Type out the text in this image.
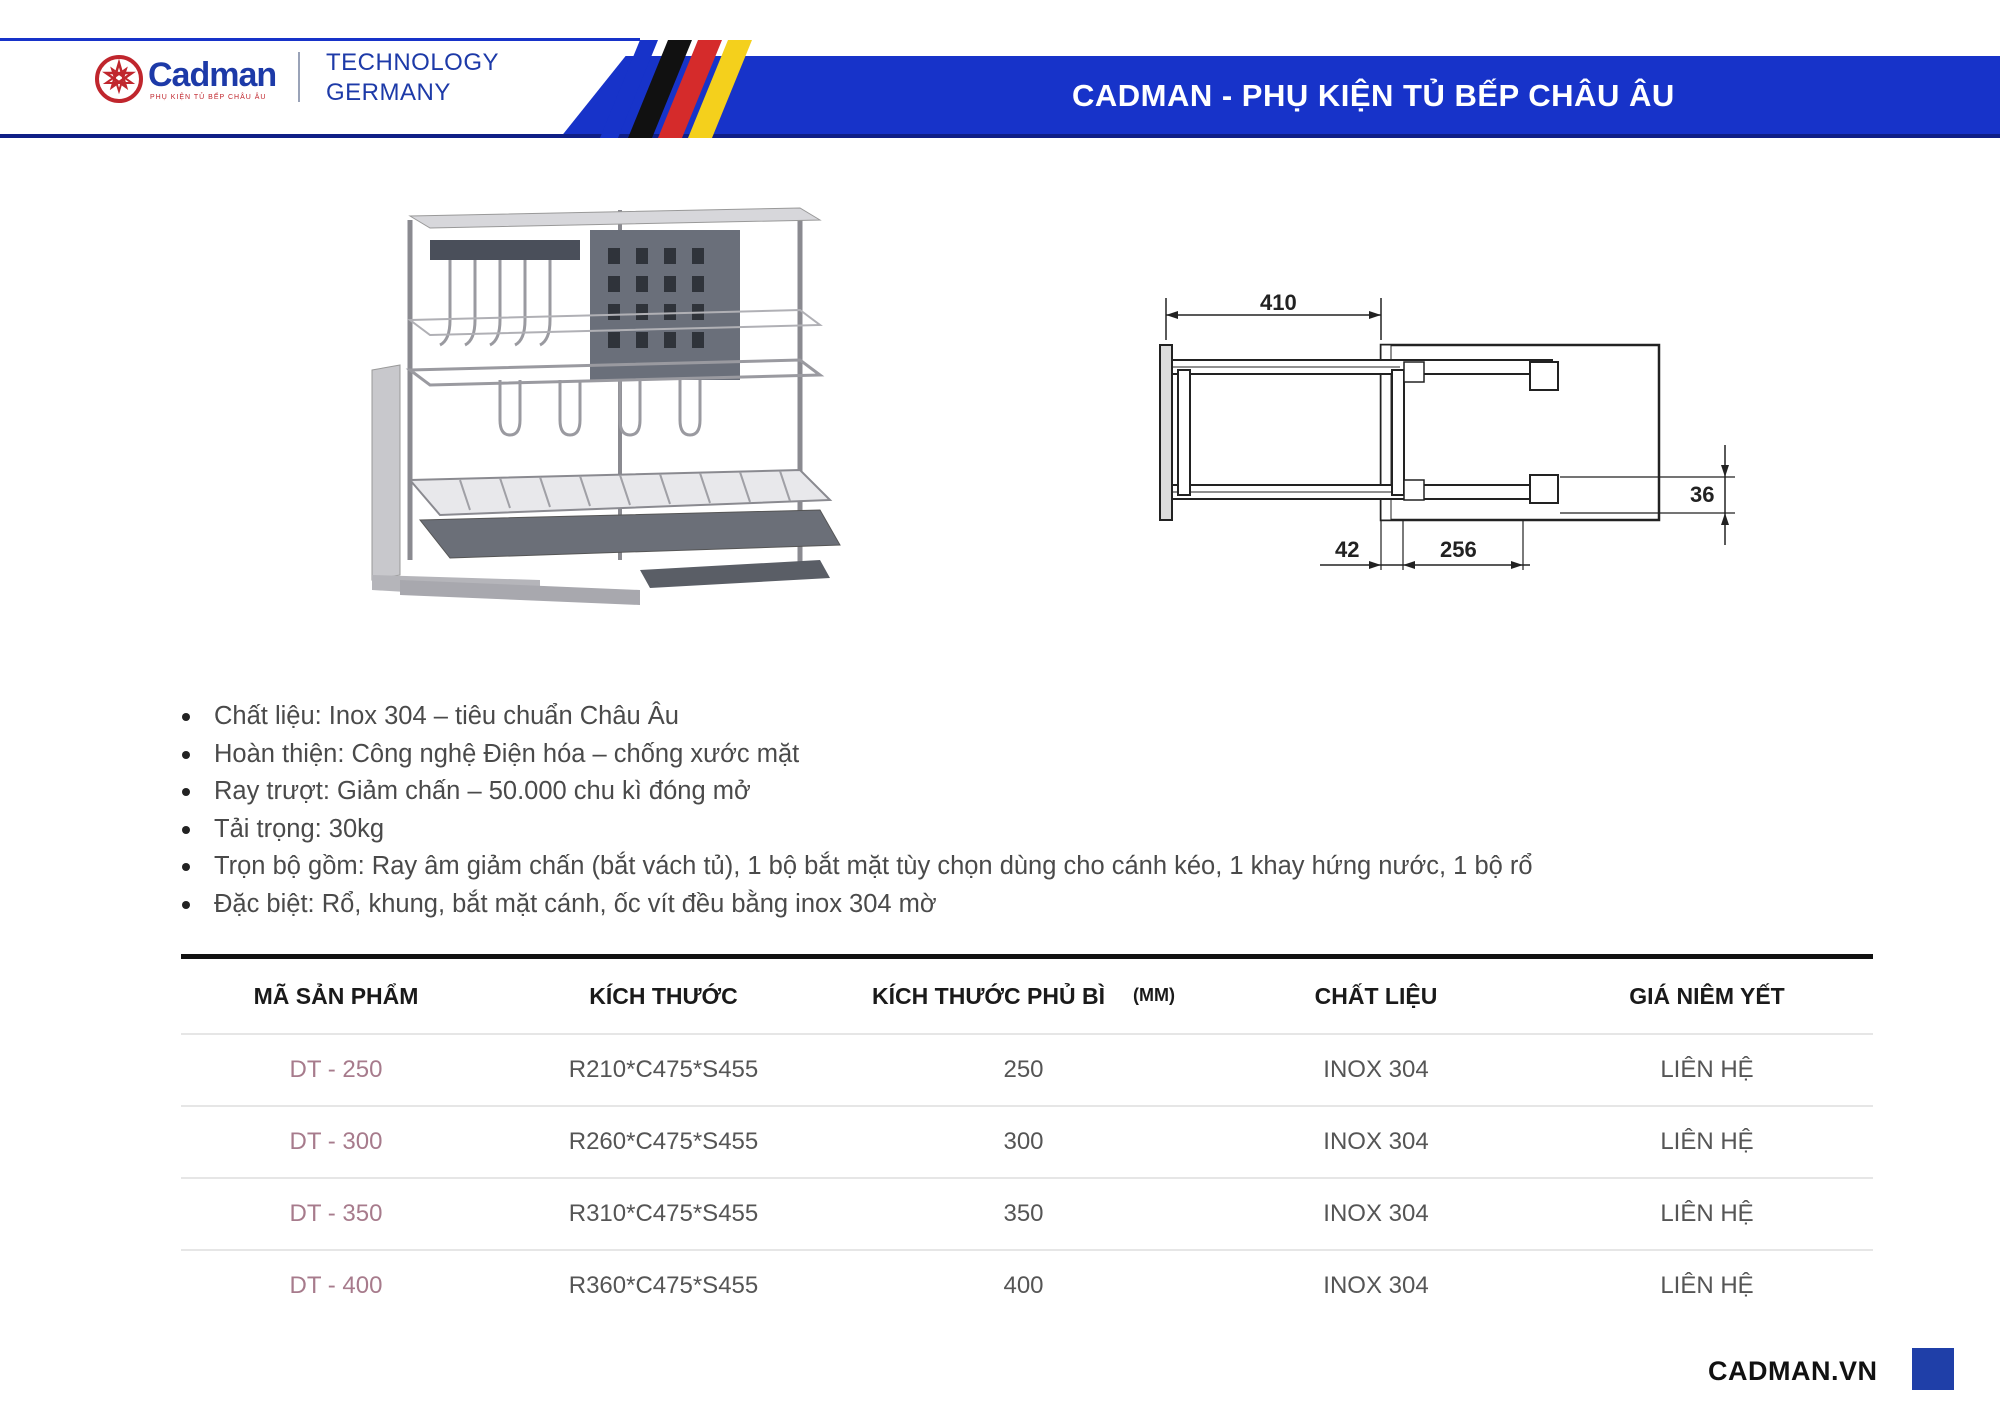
Cadman
PHỤ KIỆN TỦ BẾP CHÂU ÂU
TECHNOLOGY
GERMANY	CADMAN - PHỤ KIỆN TỦ BẾP CHÂU ÂU
410
36
42	256
Chất liệu: Inox 304 – tiêu chuẩn Châu Âu
Hoàn thiện: Công nghệ Điện hóa – chống xước mặt
Ray trượt: Giảm chấn – 50.000 chu kì đóng mở
Tải trọng: 30kg
Trọn bộ gồm: Ray âm giảm chấn (bắt vách tủ), 1 bộ bắt mặt tùy chọn dùng cho cánh kéo, 1 khay hứng nước, 1 bộ rổ
Đặc biệt: Rổ, khung, bắt mặt cánh, ốc vít đều bằng inox 304 mờ
MÃ SẢN PHẨM	KÍCH THƯỚC	KÍCH THƯỚC PHỦ BÌ (MM)	CHẤT LIỆU	GIÁ NIÊM YẾT
DT - 250	R210*C475*S455	250	INOX 304	LIÊN HỆ
DT - 300	R260*C475*S455	300	INOX 304	LIÊN HỆ
DT - 350	R310*C475*S455	350	INOX 304	LIÊN HỆ
DT - 400	R360*C475*S455	400	INOX 304	LIÊN HỆ
CADMAN.VN
